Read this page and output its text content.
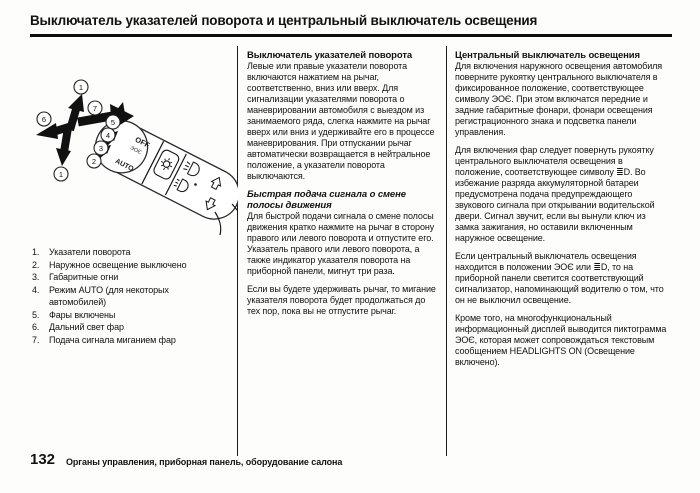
Выключатель указателей поворота и центральный выключатель освещения
OFF
ЭОЄ
AUTO
1
6
7
1
2
3
4
5
1.	Указатели поворота
2.	Наружное освещение выключено
3.	Габаритные огни
4.	Режим AUTO (для некоторых автомобилей)
5.	Фары включены
6.	Дальний свет фар
7.	Подача сигнала миганием фар
Выключатель указателей поворота

Левые или правые указатели поворота включаются нажатием на рычаг, соответственно, вниз или вверх. Для сигнализации указателями поворота о маневрировании автомобиля с выездом из занимаемого ряда, слегка нажмите на рычаг вверх или вниз и удерживайте его в процессе маневрирования. При отпускании рычаг автоматически возвращается в нейтральное положение, а указатели поворота выключаются.

Быстрая подача сигнала о смене полосы движения

Для быстрой подачи сигнала о смене полосы движения кратко нажмите на рычаг в сторону правого или левого поворота и отпустите его. Указатель правого или левого поворота, а также индикатор указателя поворота на приборной панели, мигнут три раза.

Если вы будете удерживать рычаг, то мигание указателя поворота будет продолжаться до тех пор, пока вы не отпустите рычаг.

Центральный выключатель освещения

Для включения наружного освещения автомобиля поверните рукоятку центрального выключателя в фиксированное положение, соответствующее символу ЭОЄ. При этом включатся передние и задние габаритные фонари, фонари освещения регистрационного знака и подсветка панели управления.

Для включения фар следует повернуть рукоятку центрального выключателя освещения в положение, соответствующее символу ≣D. Во избежание разряда аккумуляторной батареи предусмотрена подача предупреждающего звукового сигнала при открывании водительской двери. Сигнал звучит, если вы вынули ключ из замка зажигания, но оставили включенным наружное освещение.

Если центральный выключатель освещения находится в положении ЭОЄ или ≣D, то на приборной панели светится соответствующий сигнализатор, напоминающий водителю о том, что он не выключил освещение.

Кроме того, на многофункциональный информационный дисплей выводится пиктограмма ЭОЄ, которая может сопровождаться текстовым сообщением HEADLIGHTS ON (Освещение включено).

132 Органы управления, приборная панель, оборудование салона
